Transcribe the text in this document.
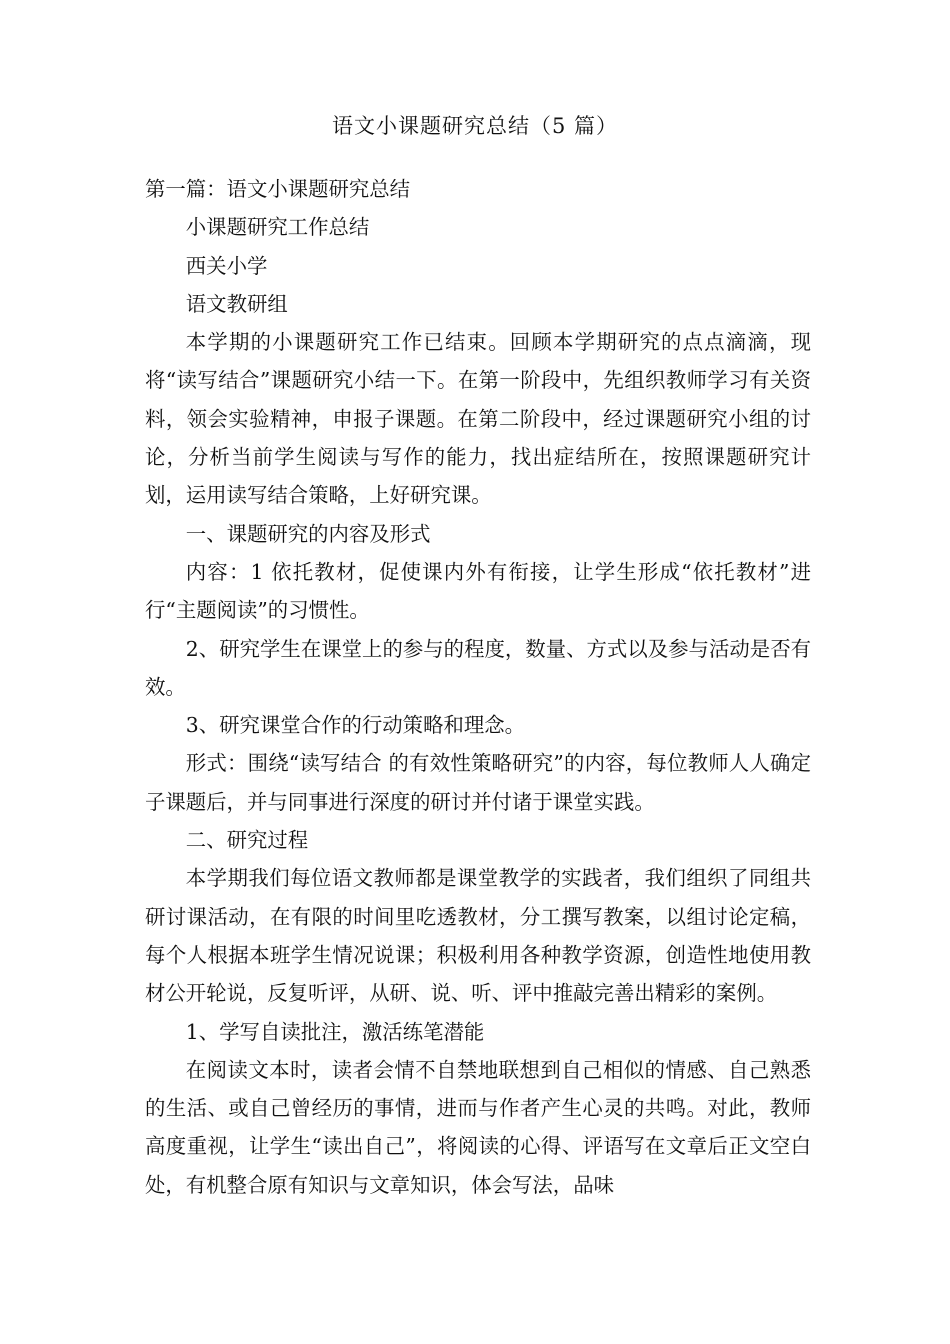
语文小课题研究总结（5 篇）

第一篇：语文小课题研究总结

小课题研究工作总结

西关小学

语文教研组

本学期的小课题研究工作已结束。回顾本学期研究的点点滴滴，现将“读写结合”课题研究小结一下。在第一阶段中，先组织教师学习有关资料，领会实验精神，申报子课题。在第二阶段中，经过课题研究小组的讨论，分析当前学生阅读与写作的能力，找出症结所在，按照课题研究计划，运用读写结合策略，上好研究课。

一、课题研究的内容及形式

内容：1 依托教材，促使课内外有衔接，让学生形成“依托教材”进行“主题阅读”的习惯性。

2、研究学生在课堂上的参与的程度，数量、方式以及参与活动是否有效。

3、研究课堂合作的行动策略和理念。

形式：围绕“读写结合 的有效性策略研究”的内容，每位教师人人确定子课题后，并与同事进行深度的研讨并付诸于课堂实践。

二、研究过程

本学期我们每位语文教师都是课堂教学的实践者，我们组织了同组共研讨课活动，在有限的时间里吃透教材，分工撰写教案，以组讨论定稿，每个人根据本班学生情况说课；积极利用各种教学资源，创造性地使用教材公开轮说，反复听评，从研、说、听、评中推敲完善出精彩的案例。

1、学写自读批注，激活练笔潜能

在阅读文本时，读者会情不自禁地联想到自己相似的情感、自己熟悉的生活、或自己曾经历的事情，进而与作者产生心灵的共鸣。对此，教师高度重视，让学生“读出自己”，将阅读的心得、评语写在文章后正文空白处，有机整合原有知识与文章知识，体会写法，品味
